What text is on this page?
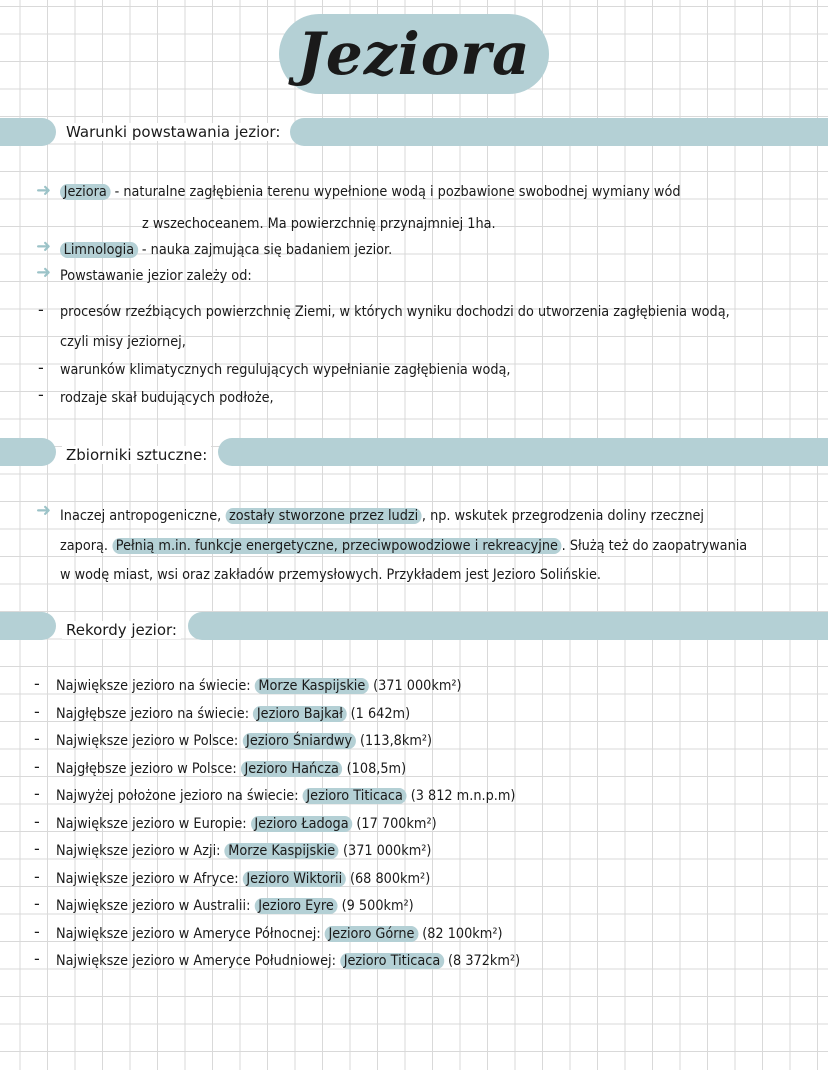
Jeziora
Warunki powstawania jezior:
➜ Jeziora - naturalne zagłębienia terenu wypełnione wodą i pozbawione swobodnej wymiany wód
z wszechoceanem. Ma powierzchnię przynajmniej 1ha.
➜ Limnologia - nauka zajmująca się badaniem jezior.
➜ Powstawanie jezior zależy od:
- procesów rzeźbiących powierzchnię Ziemi, w których wyniku dochodzi do utworzenia zagłębienia wodą,
czyli misy jeziornej,
- warunków klimatycznych regulujących wypełnianie zagłębienia wodą,
- rodzaje skał budujących podłoże,
Zbiorniki sztuczne:
➜ Inaczej antropogeniczne, zostały stworzone przez ludzi , np. wskutek przegrodzenia doliny rzecznej
zaporą. Pełnią m.in. funkcje energetyczne, przeciwpowodziowe i rekreacyjne . Służą też do zaopatrywania
w wodę miast, wsi oraz zakładów przemysłowych. Przykładem jest Jezioro Solińskie.
Rekordy jezior:
- Największe jezioro na świecie: Morze Kaspijskie (371 000km²)
- Najgłębsze jezioro na świecie: Jezioro Bajkał (1 642m)
- Największe jezioro w Polsce: Jezioro Śniardwy (113,8km²)
- Najgłębsze jezioro w Polsce: Jezioro Hańcza (108,5m)
- Najwyżej położone jezioro na świecie: Jezioro Titicaca (3 812 m.n.p.m)
- Największe jezioro w Europie: Jezioro Ładoga (17 700km²)
- Największe jezioro w Azji: Morze Kaspijskie (371 000km²)
- Największe jezioro w Afryce: Jezioro Wiktorii (68 800km²)
- Największe jezioro w Australii: Jezioro Eyre (9 500km²)
- Największe jezioro w Ameryce Północnej: Jezioro Górne (82 100km²)
- Największe jezioro w Ameryce Południowej: Jezioro Titicaca (8 372km²)
